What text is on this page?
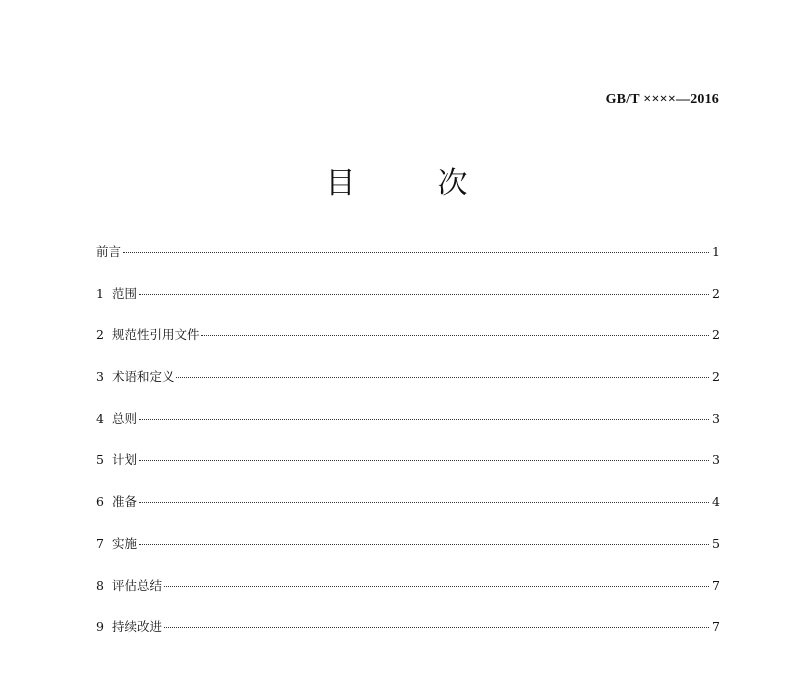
GB/T ××××—2016
目　次
前言	1
1 范围	2
2 规范性引用文件	2
3 术语和定义	2
4 总则	3
5 计划	3
6 准备	4
7 实施	5
8 评估总结	7
9 持续改进	7
